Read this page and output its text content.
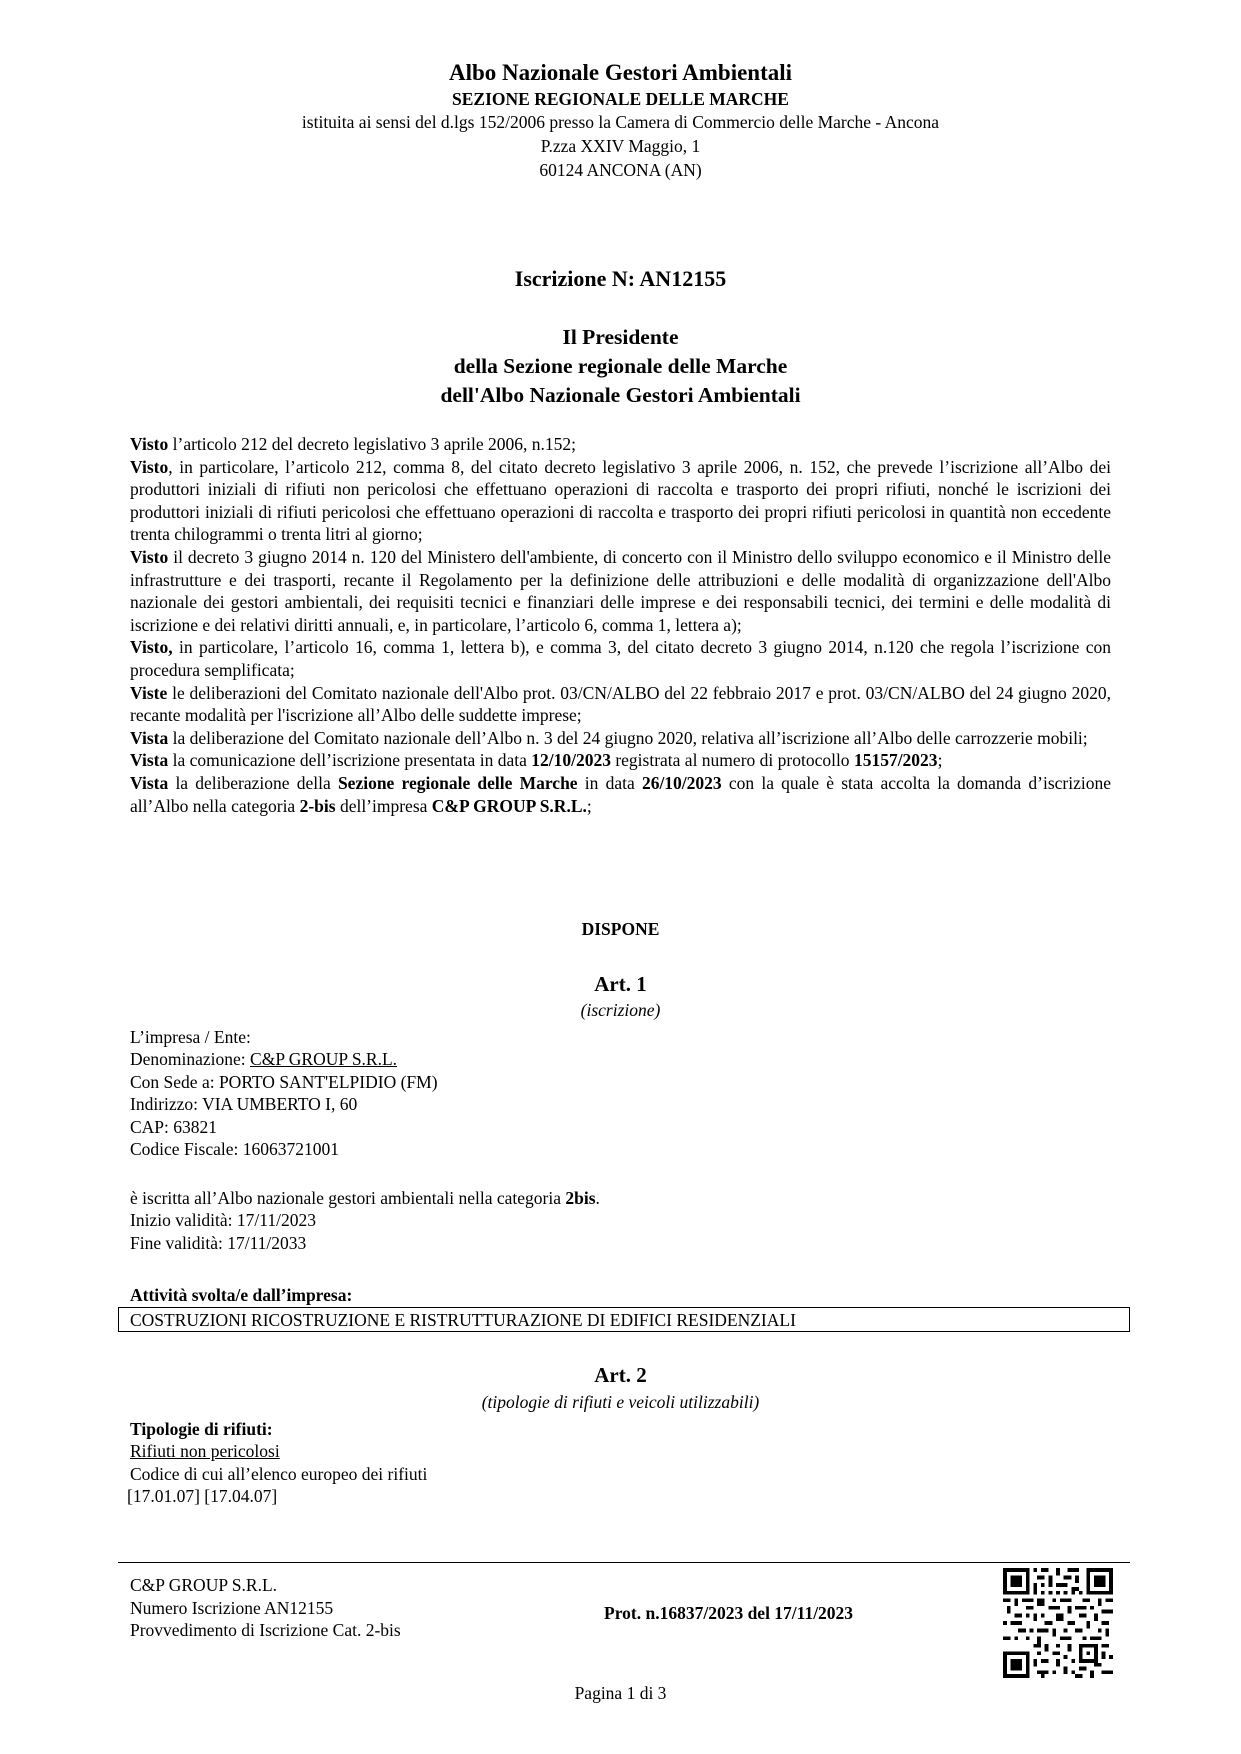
Albo Nazionale Gestori Ambientali
SEZIONE REGIONALE DELLE MARCHE
istituita ai sensi del d.lgs 152/2006 presso la Camera di Commercio delle Marche - Ancona
P.zza XXIV Maggio, 1
60124 ANCONA (AN)
Iscrizione N: AN12155
Il Presidente
della Sezione regionale delle Marche
dell'Albo Nazionale Gestori Ambientali

Visto l’articolo 212 del decreto legislativo 3 aprile 2006, n.152;

Visto, in particolare, l’articolo 212, comma 8, del citato decreto legislativo 3 aprile 2006, n. 152, che prevede l’iscrizione all’Albo dei produttori iniziali di rifiuti non pericolosi che effettuano operazioni di raccolta e trasporto dei propri rifiuti, nonché le iscrizioni dei produttori iniziali di rifiuti pericolosi che effettuano operazioni di raccolta e trasporto dei propri rifiuti pericolosi in quantità non eccedente trenta chilogrammi o trenta litri al giorno;

Visto il decreto 3 giugno 2014 n. 120 del Ministero dell'ambiente, di concerto con il Ministro dello sviluppo economico e il Ministro delle infrastrutture e dei trasporti, recante il Regolamento per la definizione delle attribuzioni e delle modalità di organizzazione dell'Albo nazionale dei gestori ambientali, dei requisiti tecnici e finanziari delle imprese e dei responsabili tecnici, dei termini e delle modalità di iscrizione e dei relativi diritti annuali, e, in particolare, l’articolo 6, comma 1, lettera a);

Visto, in particolare, l’articolo 16, comma 1, lettera b), e comma 3, del citato decreto 3 giugno 2014, n.120 che regola l’iscrizione con procedura semplificata;

Viste le deliberazioni del Comitato nazionale dell'Albo prot. 03/CN/ALBO del 22 febbraio 2017 e prot. 03/CN/ALBO del 24 giugno 2020, recante modalità per l'iscrizione all’Albo delle suddette imprese;

Vista la deliberazione del Comitato nazionale dell’Albo n. 3 del 24 giugno 2020, relativa all’iscrizione all’Albo delle carrozzerie mobili;

Vista la comunicazione dell’iscrizione presentata in data 12/10/2023 registrata al numero di protocollo 15157/2023;

Vista la deliberazione della Sezione regionale delle Marche in data 26/10/2023 con la quale è stata accolta la domanda d’iscrizione all’Albo nella categoria 2-bis dell’impresa C&P GROUP S.R.L.;

DISPONE
Art. 1
(iscrizione)
L’impresa / Ente:
Denominazione: C&P GROUP S.R.L.
Con Sede a: PORTO SANT'ELPIDIO (FM)
Indirizzo: VIA UMBERTO I, 60
CAP: 63821
Codice Fiscale: 16063721001
è iscritta all’Albo nazionale gestori ambientali nella categoria 2bis.
Inizio validità: 17/11/2023
Fine validità: 17/11/2033
Attività svolta/e dall’impresa:
COSTRUZIONI RICOSTRUZIONE E RISTRUTTURAZIONE DI EDIFICI RESIDENZIALI
Art. 2
(tipologie di rifiuti e veicoli utilizzabili)
Tipologie di rifiuti:
Rifiuti non pericolosi
Codice di cui all’elenco europeo dei rifiuti
[17.01.07] [17.04.07]
C&P GROUP S.R.L.
Numero Iscrizione AN12155
Provvedimento di Iscrizione Cat. 2-bis
Prot. n.16837/2023 del 17/11/2023
Pagina 1 di 3
